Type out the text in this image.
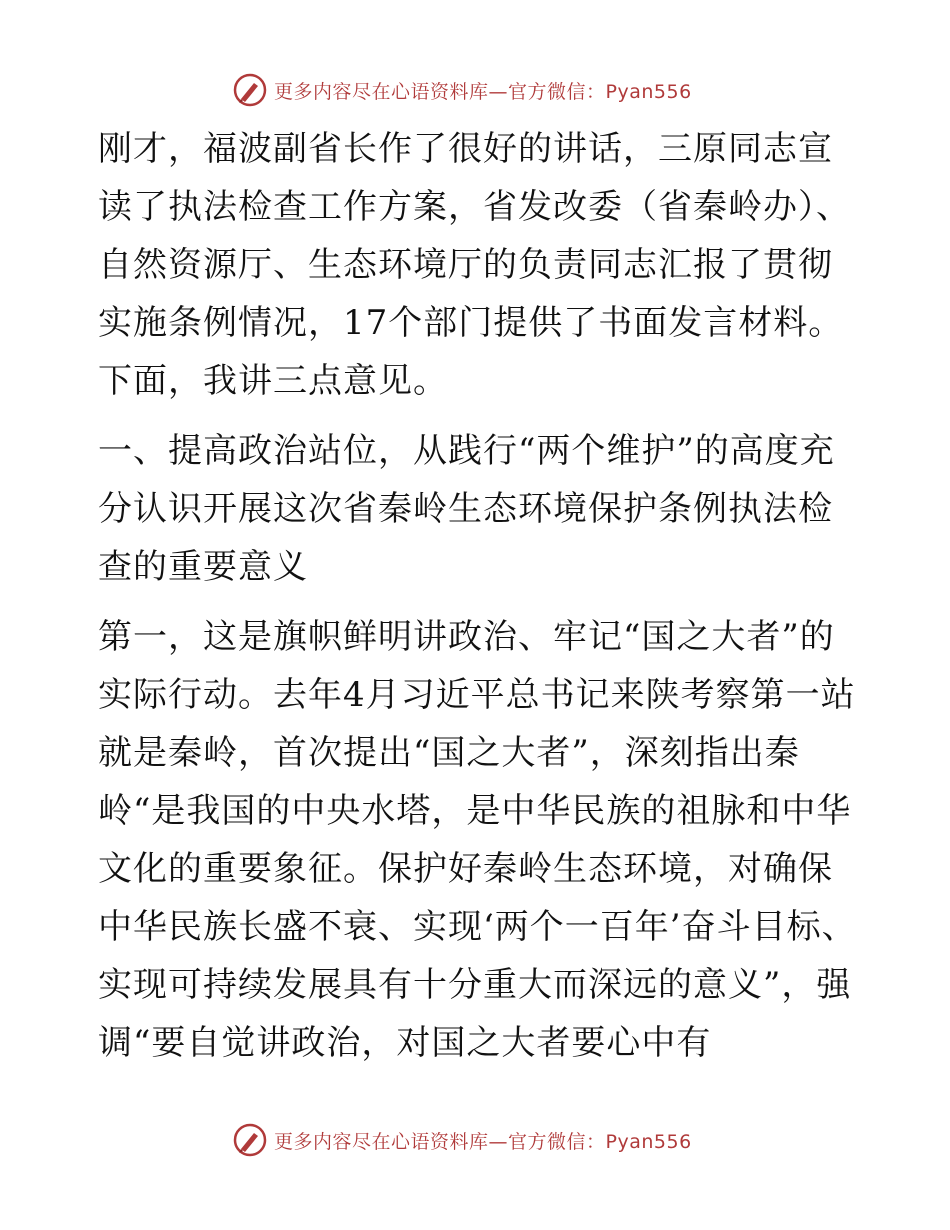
更多内容尽在心语资料库—官方微信：Pyan556

刚才，福波副省长作了很好的讲话，三原同志宣读了执法检查工作方案，省发改委（省秦岭办）、自然资源厅、生态环境厅的负责同志汇报了贯彻实施条例情况，17个部门提供了书面发言材料。下面，我讲三点意见。

一、提高政治站位，从践行“两个维护”的高度充分认识开展这次省秦岭生态环境保护条例执法检查的重要意义

第一，这是旗帜鲜明讲政治、牢记“国之大者”的实际行动。去年4月习近平总书记来陕考察第一站就是秦岭，首次提出“国之大者”，深刻指出秦岭“是我国的中央水塔，是中华民族的祖脉和中华文化的重要象征。保护好秦岭生态环境，对确保中华民族长盛不衰、实现‘两个一百年’奋斗目标、实现可持续发展具有十分重大而深远的意义”，强调“要自觉讲政治，对国之大者要心中有

更多内容尽在心语资料库—官方微信：Pyan556
